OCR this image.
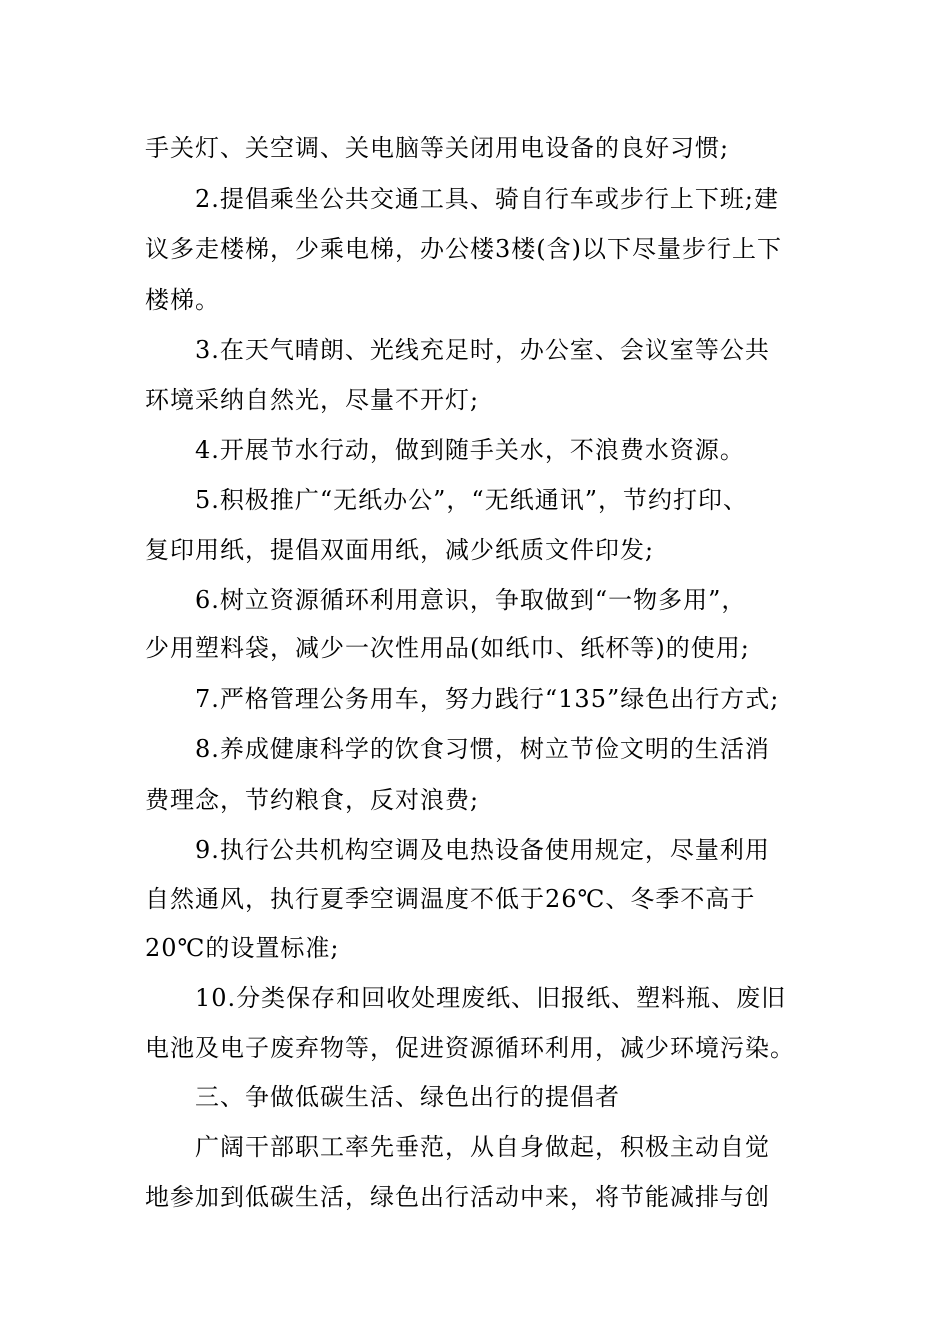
手关灯、关空调、关电脑等关闭用电设备的良好习惯;
2.提倡乘坐公共交通工具、骑自行车或步行上下班;建
议多走楼梯，少乘电梯，办公楼3楼(含)以下尽量步行上下
楼梯。
3.在天气晴朗、光线充足时，办公室、会议室等公共
环境采纳自然光，尽量不开灯;
4.开展节水行动，做到随手关水，不浪费水资源。
5.积极推广“无纸办公”，“无纸通讯”，节约打印、
复印用纸，提倡双面用纸，减少纸质文件印发;
6.树立资源循环利用意识，争取做到“一物多用”，
少用塑料袋，减少一次性用品(如纸巾、纸杯等)的使用;
7.严格管理公务用车，努力践行“135”绿色出行方式;
8.养成健康科学的饮食习惯，树立节俭文明的生活消
费理念，节约粮食，反对浪费;
9.执行公共机构空调及电热设备使用规定，尽量利用
自然通风，执行夏季空调温度不低于26℃、冬季不高于
20℃的设置标准;
10.分类保存和回收处理废纸、旧报纸、塑料瓶、废旧
电池及电子废弃物等，促进资源循环利用，减少环境污染。
三、争做低碳生活、绿色出行的提倡者
广阔干部职工率先垂范，从自身做起，积极主动自觉
地参加到低碳生活，绿色出行活动中来，将节能减排与创
